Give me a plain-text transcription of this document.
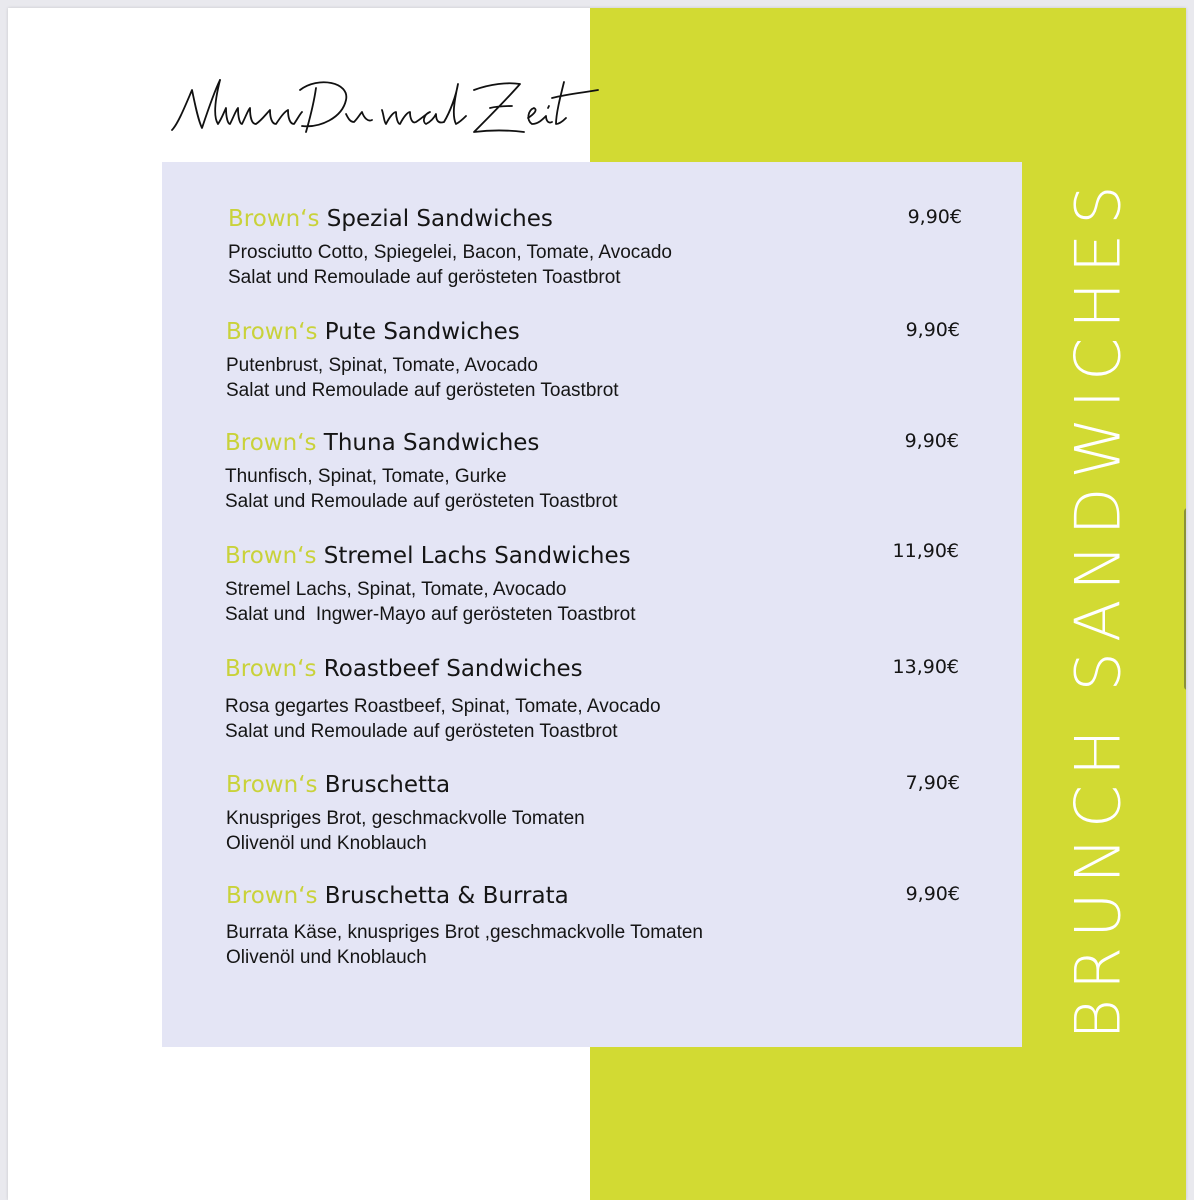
BRUNCH SANDWICHES
Brown‘s Spezial Sandwiches	9,90€
Prosciutto Cotto, Spiegelei, Bacon, Tomate, Avocado
Salat und Remoulade auf gerösteten Toastbrot
Brown‘s Pute Sandwiches	9,90€
Putenbrust, Spinat, Tomate, Avocado
Salat und Remoulade auf gerösteten Toastbrot
Brown‘s Thuna Sandwiches	9,90€
Thunfisch, Spinat, Tomate, Gurke
Salat und Remoulade auf gerösteten Toastbrot
Brown‘s Stremel Lachs Sandwiches	11,90€
Stremel Lachs, Spinat, Tomate, Avocado
Salat und  Ingwer-Mayo auf gerösteten Toastbrot
Brown‘s Roastbeef Sandwiches	13,90€
Rosa gegartes Roastbeef, Spinat, Tomate, Avocado
Salat und Remoulade auf gerösteten Toastbrot
Brown‘s Bruschetta	7,90€
Knuspriges Brot, geschmackvolle Tomaten
Olivenöl und Knoblauch
Brown‘s Bruschetta & Burrata	9,90€
Burrata Käse, knuspriges Brot ,geschmackvolle Tomaten
Olivenöl und Knoblauch
